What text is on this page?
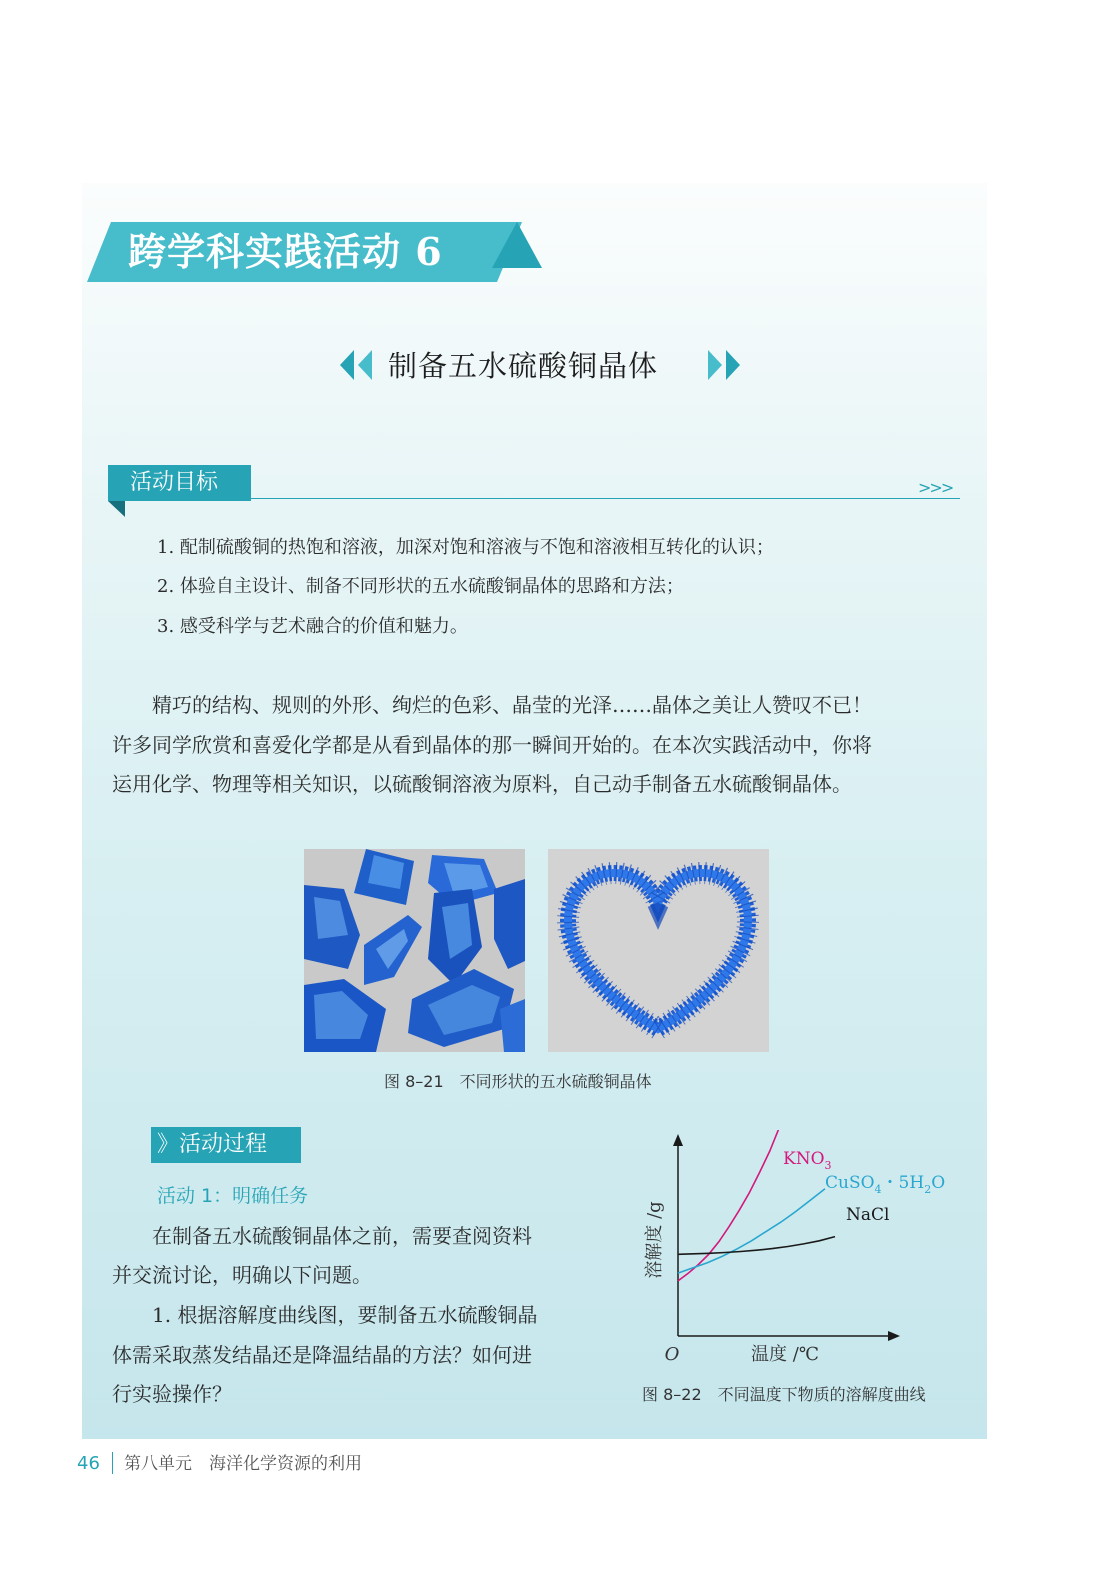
跨学科实践活动 6
制备五水硫酸铜晶体
活动目标	>>>
1. 配制硫酸铜的热饱和溶液，加深对饱和溶液与不饱和溶液相互转化的认识；
2. 体验自主设计、制备不同形状的五水硫酸铜晶体的思路和方法；
3. 感受科学与艺术融合的价值和魅力。
　　精巧的结构、规则的外形、绚烂的色彩、晶莹的光泽……晶体之美让人赞叹不已！
许多同学欣赏和喜爱化学都是从看到晶体的那一瞬间开始的。在本次实践活动中，你将
运用化学、物理等相关知识，以硫酸铜溶液为原料，自己动手制备五水硫酸铜晶体。
图 8–21　不同形状的五水硫酸铜晶体
》活动过程
活动 1：明确任务
　　在制备五水硫酸铜晶体之前，需要查阅资料
并交流讨论，明确以下问题。
　　1. 根据溶解度曲线图，要制备五水硫酸铜晶
体需采取蒸发结晶还是降温结晶的方法？如何进
行实验操作？
溶解度 /g
温度 /℃
O
$KNO_3$
CuSO$_4$・$5H_2O$
NaCl
图 8–22　不同温度下物质的溶解度曲线
46 第八单元　海洋化学资源的利用
